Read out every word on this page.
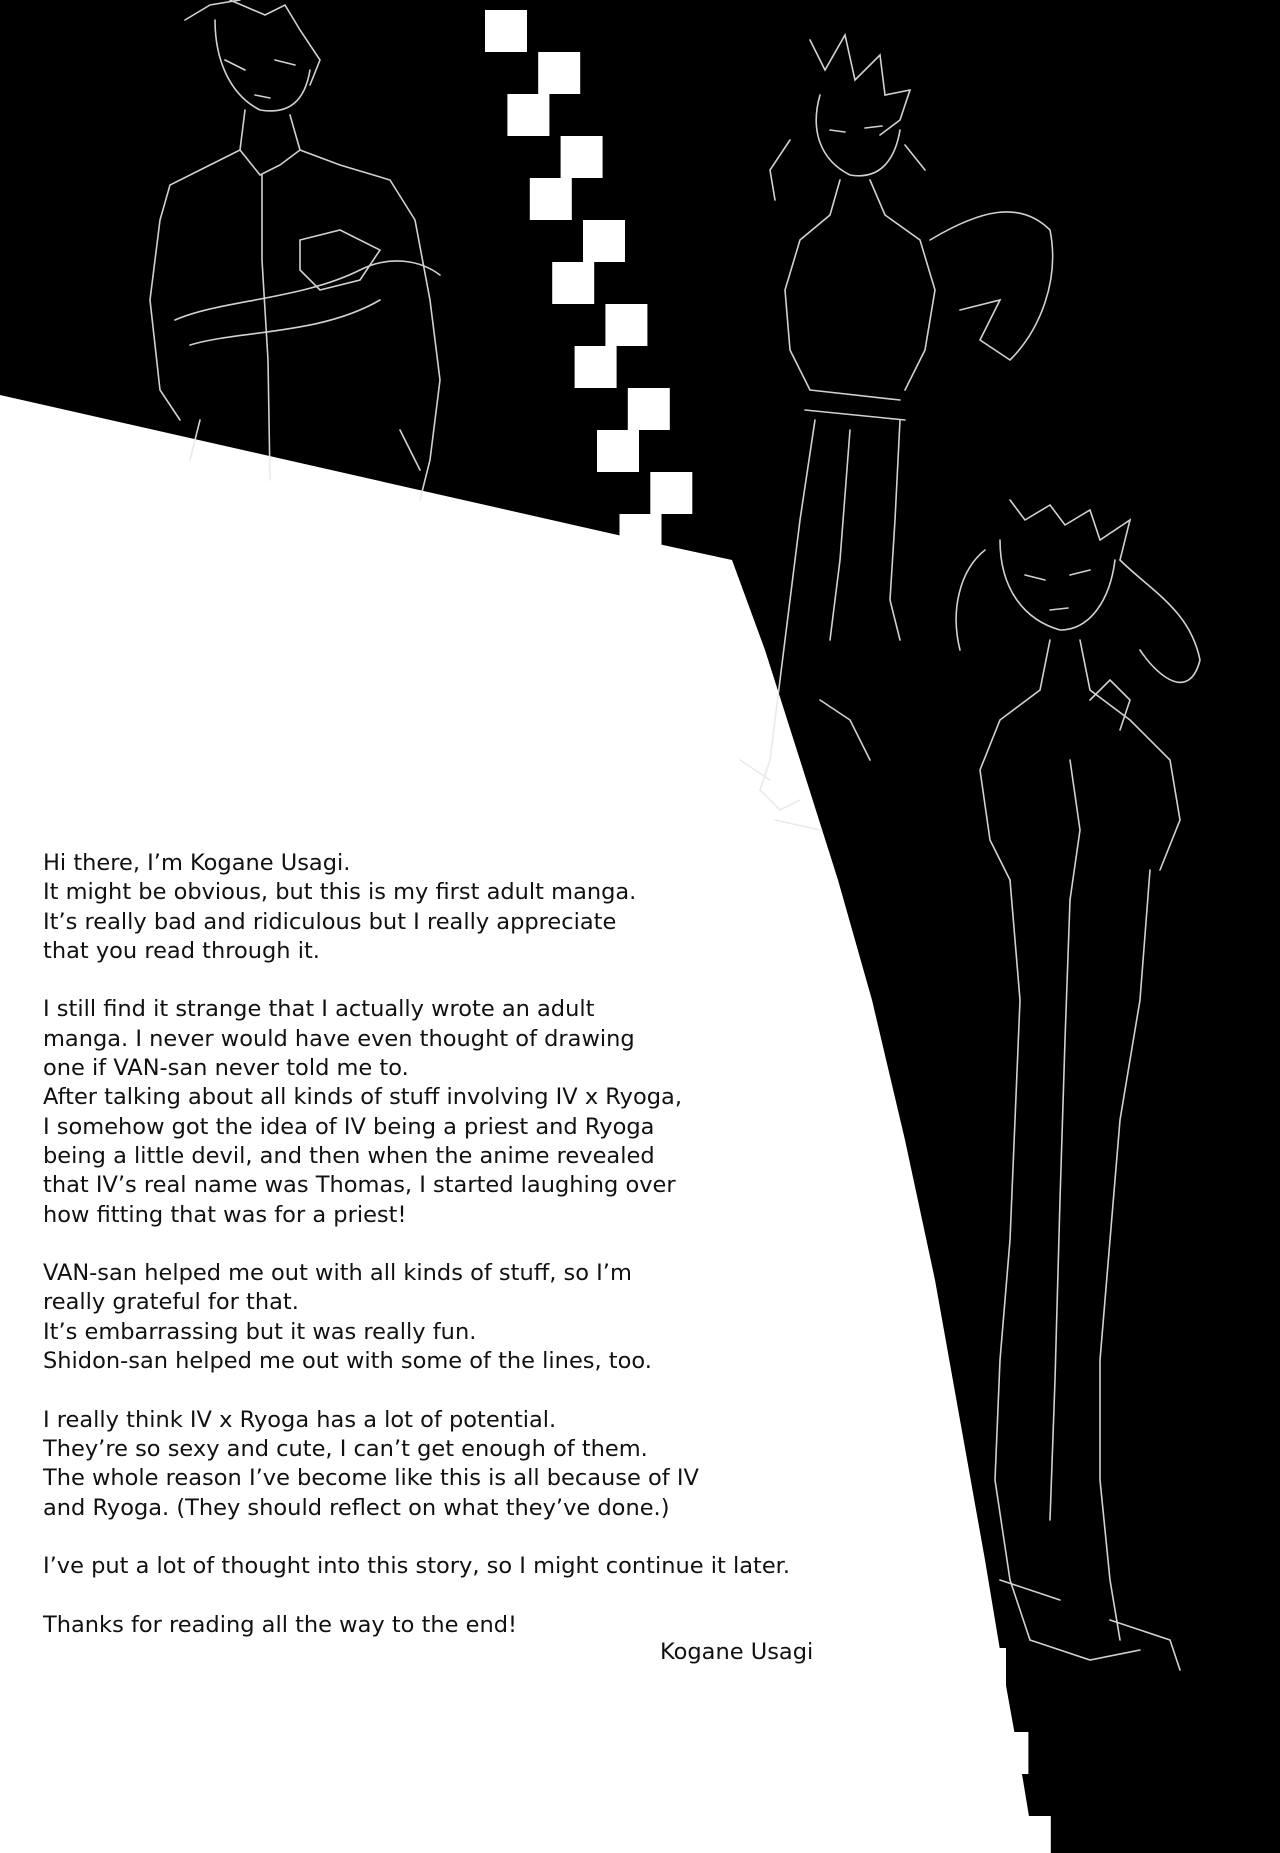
Hi there, I’m Kogane Usagi.
It might be obvious, but this is my first adult manga.
It’s really bad and ridiculous but I really appreciate
that you read through it.

I still find it strange that I actually wrote an adult
manga. I never would have even thought of drawing
one if VAN-san never told me to.
After talking about all kinds of stuff involving IV x Ryoga,
I somehow got the idea of IV being a priest and Ryoga
being a little devil, and then when the anime revealed
that IV’s real name was Thomas, I started laughing over
how fitting that was for a priest!

VAN-san helped me out with all kinds of stuff, so I’m
really grateful for that.
It’s embarrassing but it was really fun.
Shidon-san helped me out with some of the lines, too.

I really think IV x Ryoga has a lot of potential.
They’re so sexy and cute, I can’t get enough of them.
The whole reason I’ve become like this is all because of IV
and Ryoga. (They should reflect on what they’ve done.)

I’ve put a lot of thought into this story, so I might continue it later.

Thanks for reading all the way to the end!

Kogane Usagi
